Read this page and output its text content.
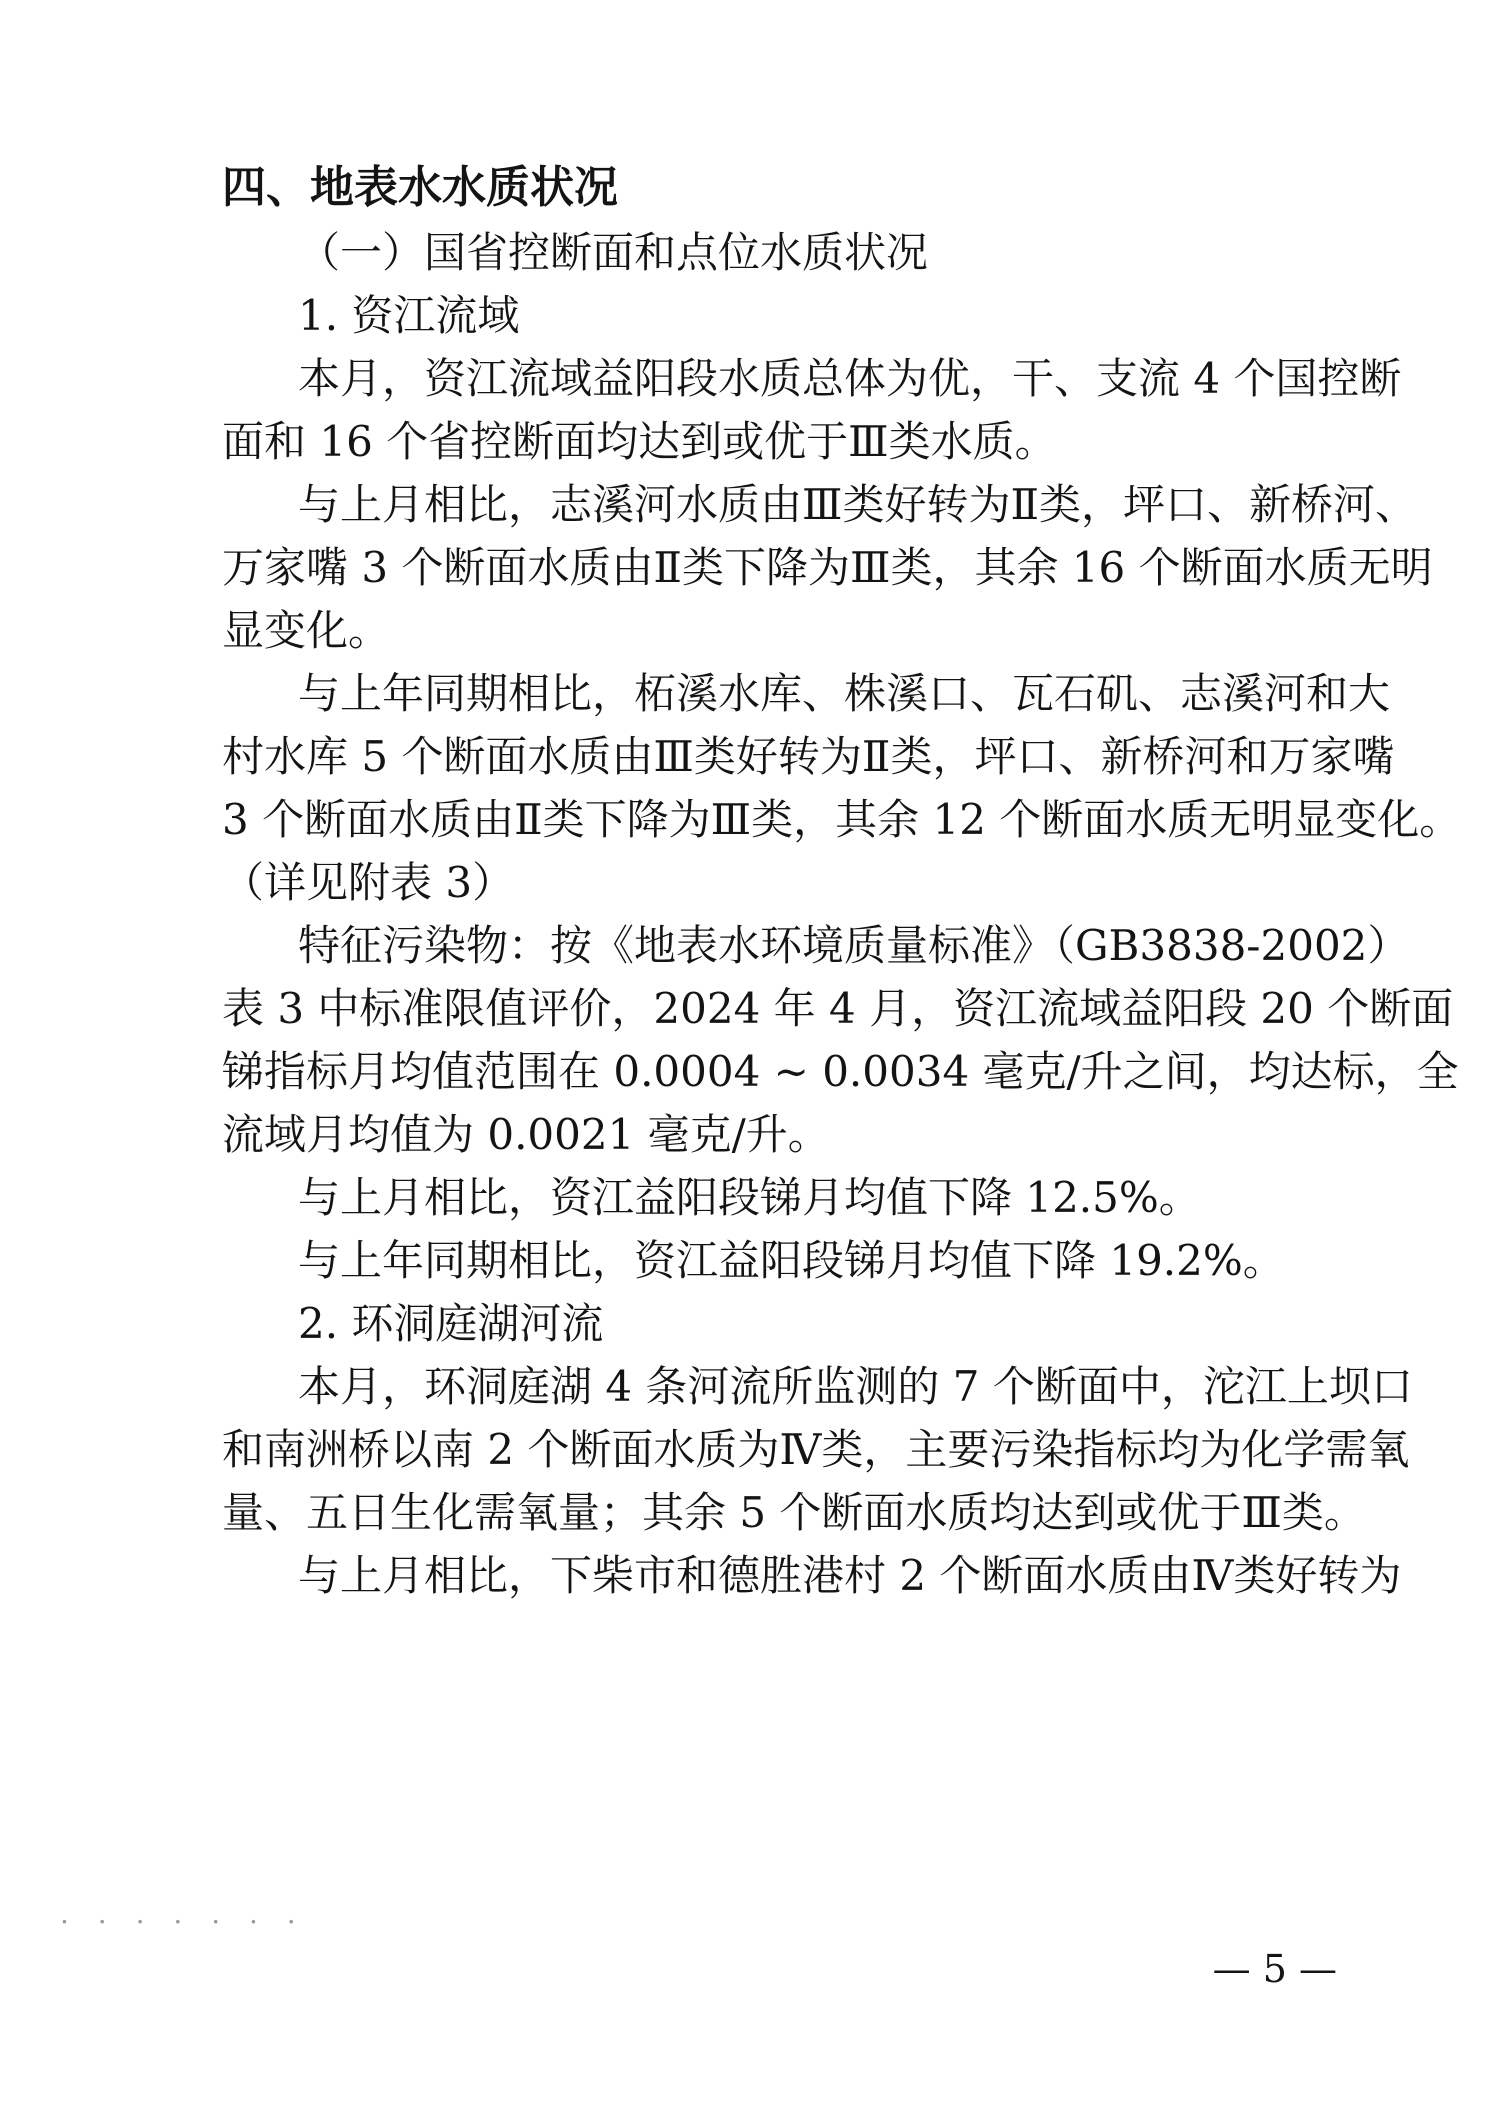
四、地表水水质状况
（一）国省控断面和点位水质状况
1. 资江流域
本月，资江流域益阳段水质总体为优，干、支流 4 个国控断
面和 16 个省控断面均达到或优于Ⅲ类水质。
与上月相比，志溪河水质由Ⅲ类好转为Ⅱ类，坪口、新桥河、
万家嘴 3 个断面水质由Ⅱ类下降为Ⅲ类，其余 16 个断面水质无明
显变化。
与上年同期相比，柘溪水库、株溪口、瓦石矶、志溪河和大
村水库 5 个断面水质由Ⅲ类好转为Ⅱ类，坪口、新桥河和万家嘴
3 个断面水质由Ⅱ类下降为Ⅲ类，其余 12 个断面水质无明显变化。
（详见附表 3）
特征污染物：按《地表水环境质量标准》（GB3838-2002）
表 3 中标准限值评价，2024 年 4 月，资江流域益阳段 20 个断面
锑指标月均值范围在 0.0004 ~ 0.0034 毫克/升之间，均达标，全
流域月均值为 0.0021 毫克/升。
与上月相比，资江益阳段锑月均值下降 12.5%。
与上年同期相比，资江益阳段锑月均值下降 19.2%。
2. 环洞庭湖河流
本月，环洞庭湖 4 条河流所监测的 7 个断面中，沱江上坝口
和南洲桥以南 2 个断面水质为Ⅳ类，主要污染指标均为化学需氧
量、五日生化需氧量；其余 5 个断面水质均达到或优于Ⅲ类。
与上月相比，下柴市和德胜港村 2 个断面水质由Ⅳ类好转为
. . . . . . .
— 5 —
